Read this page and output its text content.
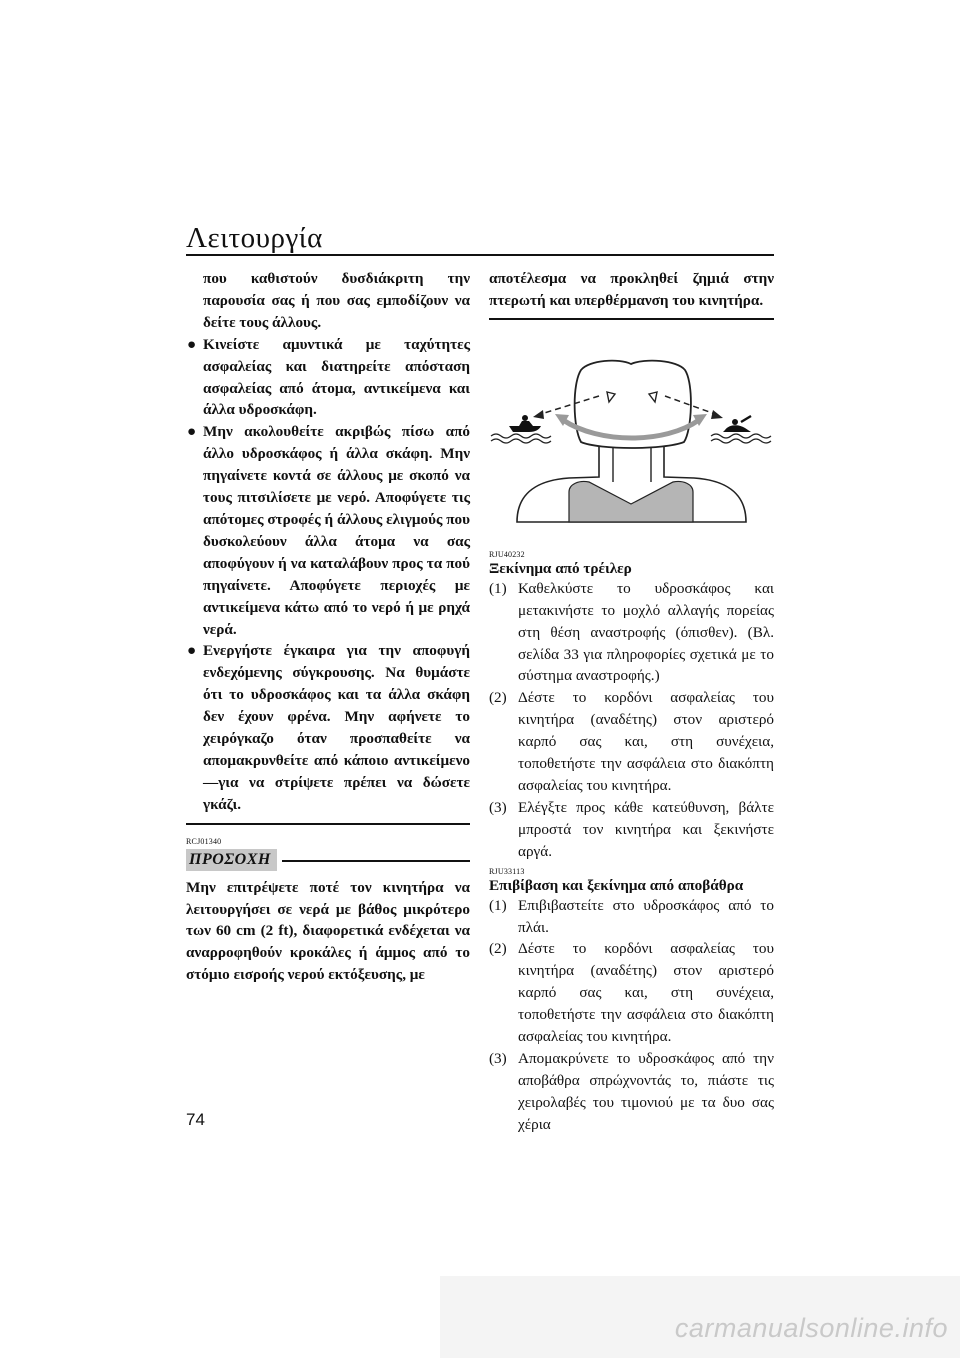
Λειτουργία
που καθιστούν δυσδιάκριτη την παρουσία σας ή που σας εμποδίζουν να δείτε τους άλλους.
● Κινείστε αμυντικά με ταχύτητες ασφαλείας και διατηρείτε απόσταση ασφαλείας από άτομα, αντικείμενα και άλλα υδροσκάφη.
● Μην ακολουθείτε ακριβώς πίσω από άλλο υδροσκάφος ή άλλα σκάφη. Μην πηγαίνετε κοντά σε άλλους με σκοπό να τους πιτσιλίσετε με νερό. Αποφύγετε τις απότομες στροφές ή άλλους ελιγμούς που δυσκολεύουν άλλα άτομα να σας αποφύγουν ή να καταλάβουν προς τα πού πηγαίνετε. Αποφύγετε περιοχές με αντικείμενα κάτω από το νερό ή με ρηχά νερά.
● Ενεργήστε έγκαιρα για την αποφυγή ενδεχόμενης σύγκρουσης. Να θυμάστε ότι το υδροσκάφος και τα άλλα σκάφη δεν έχουν φρένα. Μην αφήνετε το χειρόγκαζο όταν προσπαθείτε να απομακρυνθείτε από κάποιο αντικείμενο—για να στρίψετε πρέπει να δώσετε γκάζι.
RCJ01340
ΠΡΟΣΟΧΗ
Μην επιτρέψετε ποτέ τον κινητήρα να λειτουργήσει σε νερά με βάθος μικρότερο των 60 cm (2 ft), διαφορετικά ενδέχεται να αναρροφηθούν κροκάλες ή άμμος από το στόμιο εισροής νερού εκτόξευσης, με
αποτέλεσμα να προκληθεί ζημιά στην πτερωτή και υπερθέρμανση του κινητήρα.
RJU40232
Ξεκίνημα από τρέιλερ
(1) Καθελκύστε το υδροσκάφος και μετακινήστε το μοχλό αλλαγής πορείας στη θέση αναστροφής (όπισθεν). (Βλ. σελίδα 33 για πληροφορίες σχετικά με το σύστημα αναστροφής.)
(2) Δέστε το κορδόνι ασφαλείας του κινητήρα (αναδέτης) στον αριστερό καρπό σας και, στη συνέχεια, τοποθετήστε την ασφάλεια στο διακόπτη ασφαλείας του κινητήρα.
(3) Ελέγξτε προς κάθε κατεύθυνση, βάλτε μπροστά τον κινητήρα και ξεκινήστε αργά.
RJU33113
Επιβίβαση και ξεκίνημα από αποβάθρα
(1) Επιβιβαστείτε στο υδροσκάφος από το πλάι.
(2) Δέστε το κορδόνι ασφαλείας του κινητήρα (αναδέτης) στον αριστερό καρπό σας και, στη συνέχεια, τοποθετήστε την ασφάλεια στο διακόπτη ασφαλείας του κινητήρα.
(3) Απομακρύνετε το υδροσκάφος από την αποβάθρα σπρώχνοντάς το, πιάστε τις χειρολαβές του τιμονιού με τα δυο σας χέρια
74
carmanualsonline.info
